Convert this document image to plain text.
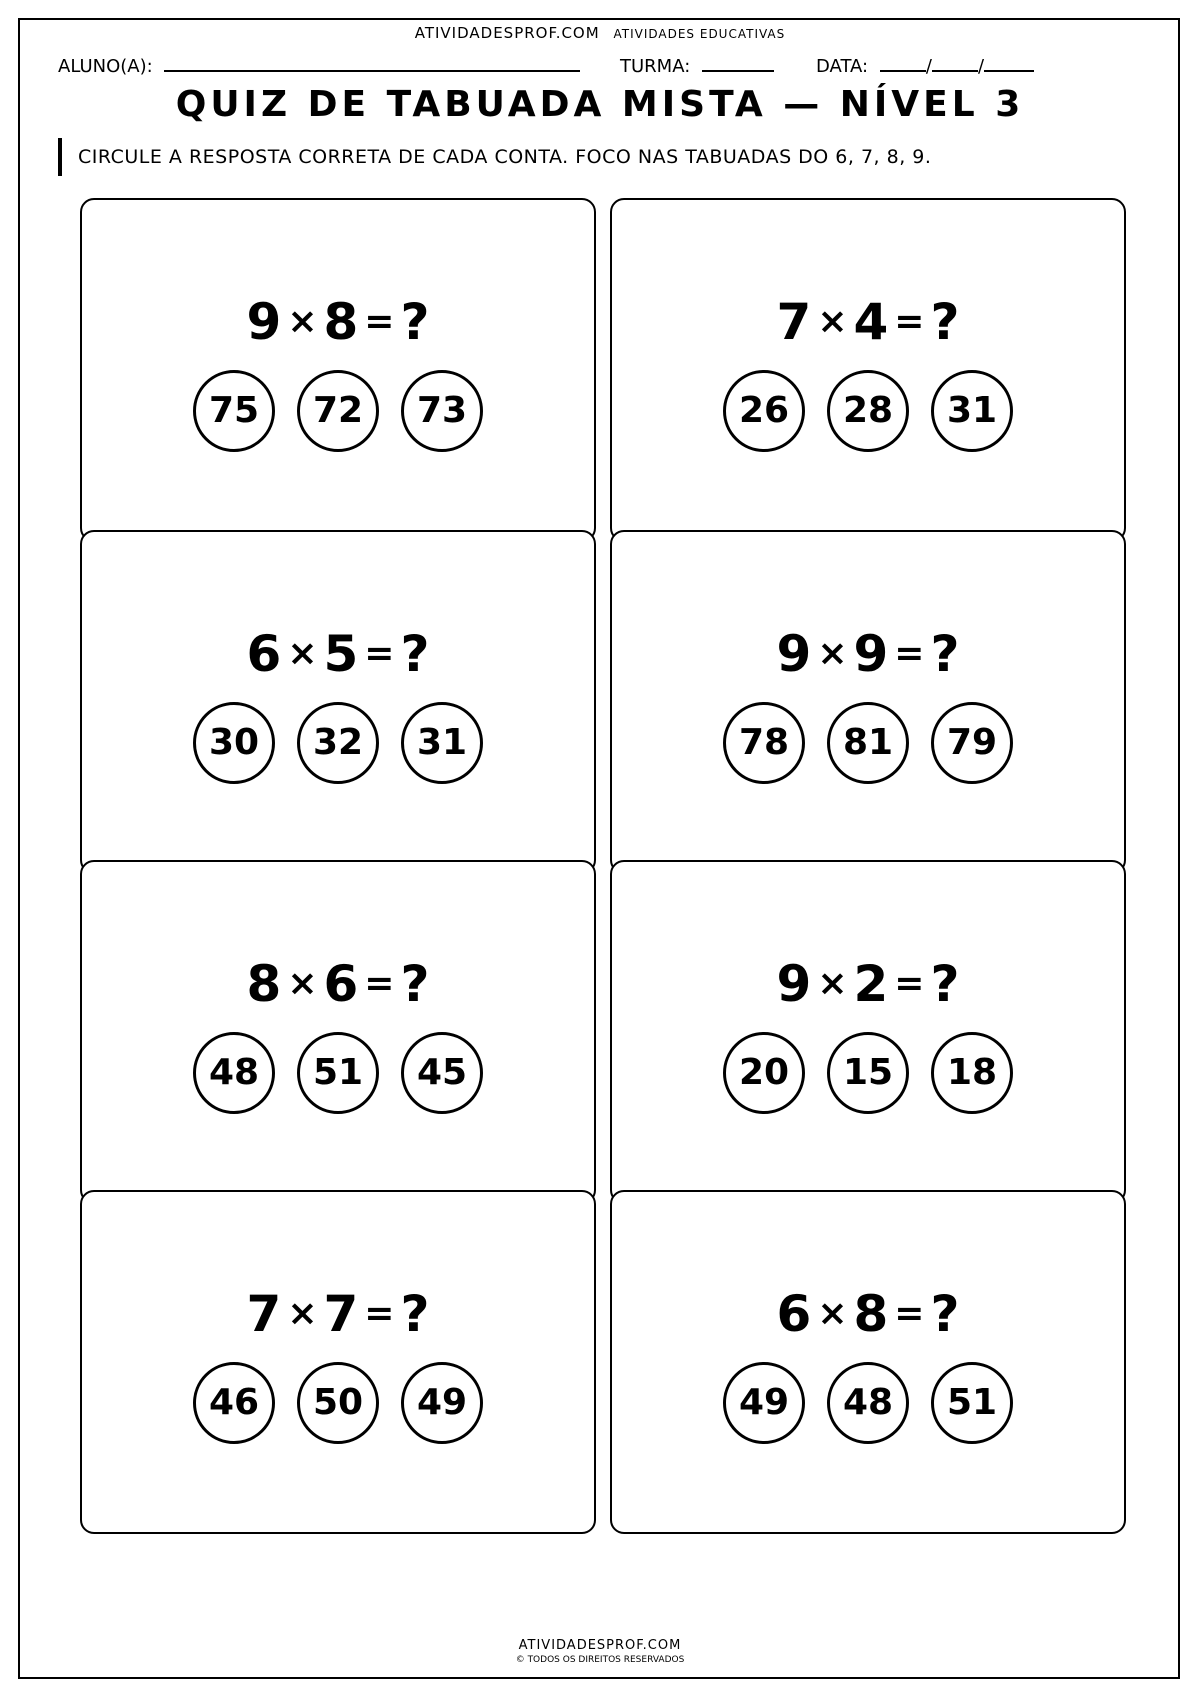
ATIVIDADESPROF.COM ATIVIDADES EDUCATIVAS
ALUNO(A):	TURMA:	DATA:	/	/
QUIZ DE TABUADA MISTA — NÍVEL 3
CIRCULE A RESPOSTA CORRETA DE CADA CONTA. FOCO NAS TABUADAS DO 6, 7, 8, 9.
9 × 8 = ?
75 72 73
7 × 4 = ?
26 28 31
6 × 5 = ?
30 32 31
9 × 9 = ?
78 81 79
8 × 6 = ?
48 51 45
9 × 2 = ?
20 15 18
7 × 7 = ?
46 50 49
6 × 8 = ?
49 48 51
ATIVIDADESPROF.COM
© TODOS OS DIREITOS RESERVADOS
